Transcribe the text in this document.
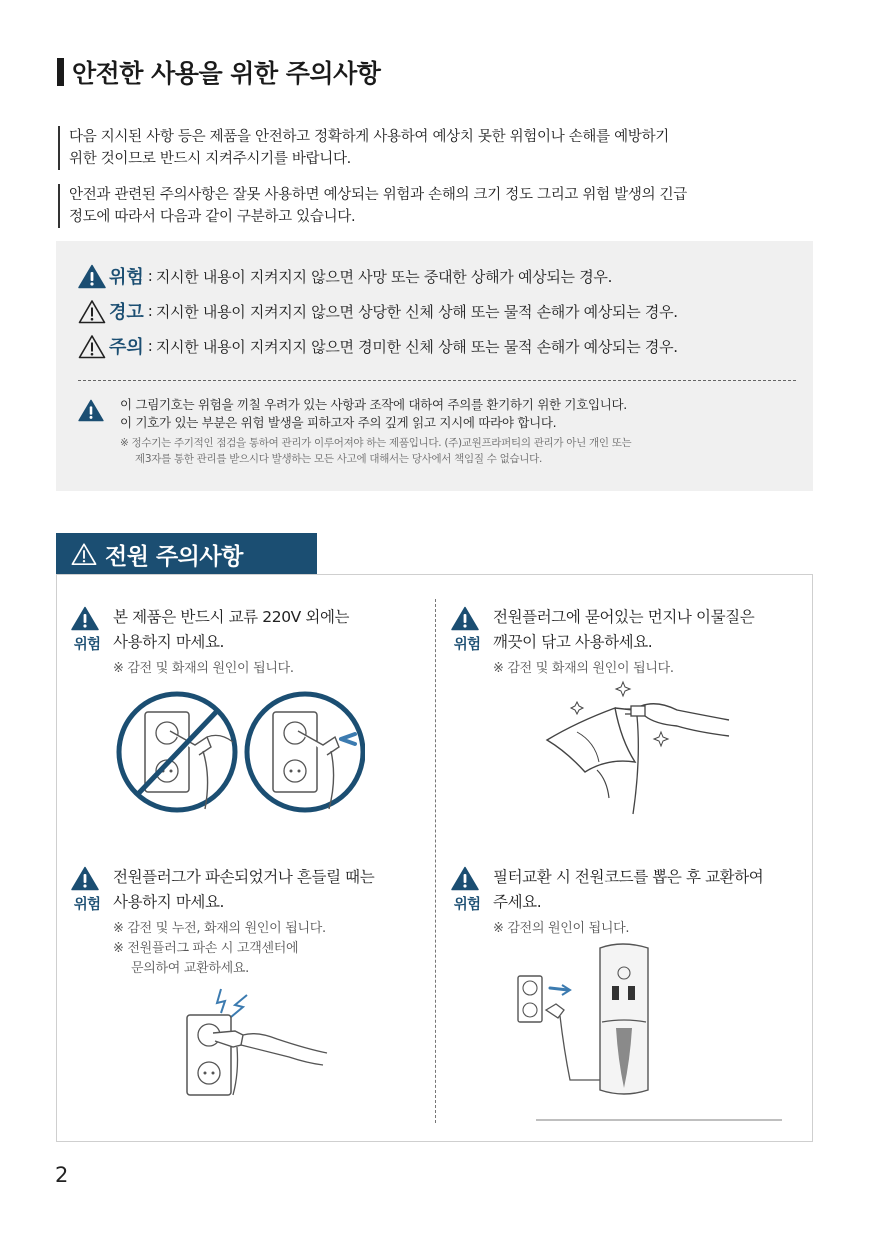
안전한 사용을 위한 주의사항
다음 지시된 사항 등은 제품을 안전하고 정확하게 사용하여 예상치 못한 위험이나 손해를 예방하기
위한 것이므로 반드시 지켜주시기를 바랍니다.
안전과 관련된 주의사항은 잘못 사용하면 예상되는 위험과 손해의 크기 정도 그리고 위험 발생의 긴급
정도에 따라서 다음과 같이 구분하고 있습니다.
위험 : 지시한 내용이 지켜지지 않으면 사망 또는 중대한 상해가 예상되는 경우.
경고 : 지시한 내용이 지켜지지 않으면 상당한 신체 상해 또는 물적 손해가 예상되는 경우.
주의 : 지시한 내용이 지켜지지 않으면 경미한 신체 상해 또는 물적 손해가 예상되는 경우.
이 그림기호는 위험을 끼칠 우려가 있는 사항과 조작에 대하여 주의를 환기하기 위한 기호입니다.
이 기호가 있는 부분은 위험 발생을 피하고자 주의 깊게 읽고 지시에 따라야 합니다.
※ 정수기는 주기적인 점검을 통하여 관리가 이루어져야 하는 제품입니다. (주)교원프라퍼티의 관리가 아닌 개인 또는
제3자를 통한 관리를 받으시다 발생하는 모든 사고에 대해서는 당사에서 책임질 수 없습니다.
전원 주의사항
위험
본 제품은 반드시 교류 220V 외에는
사용하지 마세요.
※ 감전 및 화재의 원인이 됩니다.
위험
전원플러그에 묻어있는 먼지나 이물질은
깨끗이 닦고 사용하세요.
※ 감전 및 화재의 원인이 됩니다.
위험
전원플러그가 파손되었거나 흔들릴 때는
사용하지 마세요.
※ 감전 및 누전, 화재의 원인이 됩니다.
※ 전원플러그 파손 시 고객센터에
문의하여 교환하세요.
위험
필터교환 시 전원코드를 뽑은 후 교환하여
주세요.
※ 감전의 원인이 됩니다.
2
